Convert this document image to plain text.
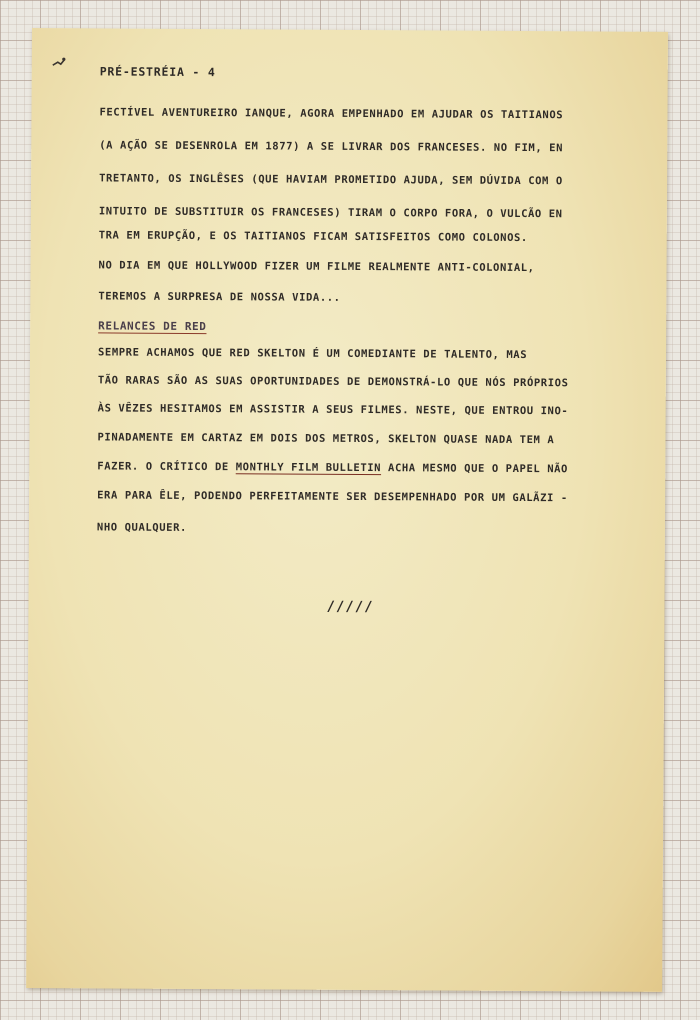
PRÉ-ESTRÉIA - 4

FECTÍVEL AVENTUREIRO IANQUE, AGORA EMPENHADO EM AJUDAR OS TAITIANOS

(A AÇÃO SE DESENROLA EM 1877) A SE LIVRAR DOS FRANCESES. NO FIM, EN

TRETANTO, OS INGLÊSES (QUE HAVIAM PROMETIDO AJUDA, SEM DÚVIDA COM O

INTUITO DE SUBSTITUIR OS FRANCESES) TIRAM O CORPO FORA, O VULCÃO EN

TRA EM ERUPÇÃO, E OS TAITIANOS FICAM SATISFEITOS COMO COLONOS.

NO DIA EM QUE HOLLYWOOD FIZER UM FILME REALMENTE ANTI-COLONIAL,

TEREMOS A SURPRESA DE NOSSA VIDA...

RELANCES DE RED

SEMPRE ACHAMOS QUE RED SKELTON É UM COMEDIANTE DE TALENTO, MAS

TÃO RARAS SÃO AS SUAS OPORTUNIDADES DE DEMONSTRÁ-LO QUE NÓS PRÓPRIOS

ÀS VÊZES HESITAMOS EM ASSISTIR A SEUS FILMES. NESTE, QUE ENTROU INO-

PINADAMENTE EM CARTAZ EM DOIS DOS METROS, SKELTON QUASE NADA TEM A

FAZER. O CRÍTICO DE MONTHLY FILM BULLETIN ACHA MESMO QUE O PAPEL NÃO

ERA PARA ÊLE, PODENDO PERFEITAMENTE SER DESEMPENHADO POR UM GALÃZI -

NHO QUALQUER.

/////
